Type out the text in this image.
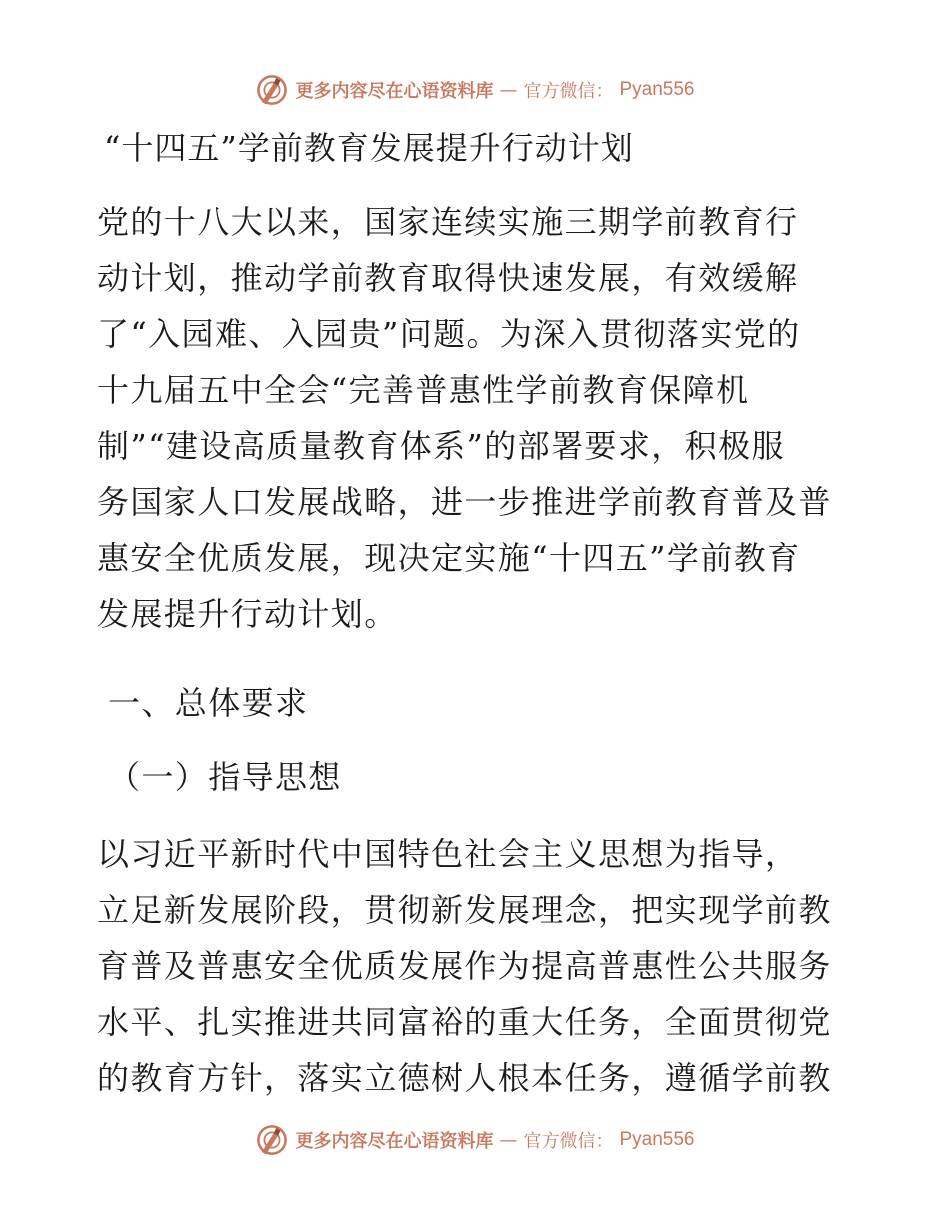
更多内容尽在心语资料库 — 官方微信： Pyan556
“十四五”学前教育发展提升行动计划
党的十八大以来，国家连续实施三期学前教育行
动计划，推动学前教育取得快速发展，有效缓解
了“入园难、入园贵”问题。为深入贯彻落实党的
十九届五中全会“完善普惠性学前教育保障机
制”“建设高质量教育体系”的部署要求，积极服
务国家人口发展战略，进一步推进学前教育普及普
惠安全优质发展，现决定实施“十四五”学前教育
发展提升行动计划。
一、总体要求
（一）指导思想
以习近平新时代中国特色社会主义思想为指导，
立足新发展阶段，贯彻新发展理念，把实现学前教
育普及普惠安全优质发展作为提高普惠性公共服务
水平、扎实推进共同富裕的重大任务，全面贯彻党
的教育方针，落实立德树人根本任务，遵循学前教
更多内容尽在心语资料库 — 官方微信： Pyan556
